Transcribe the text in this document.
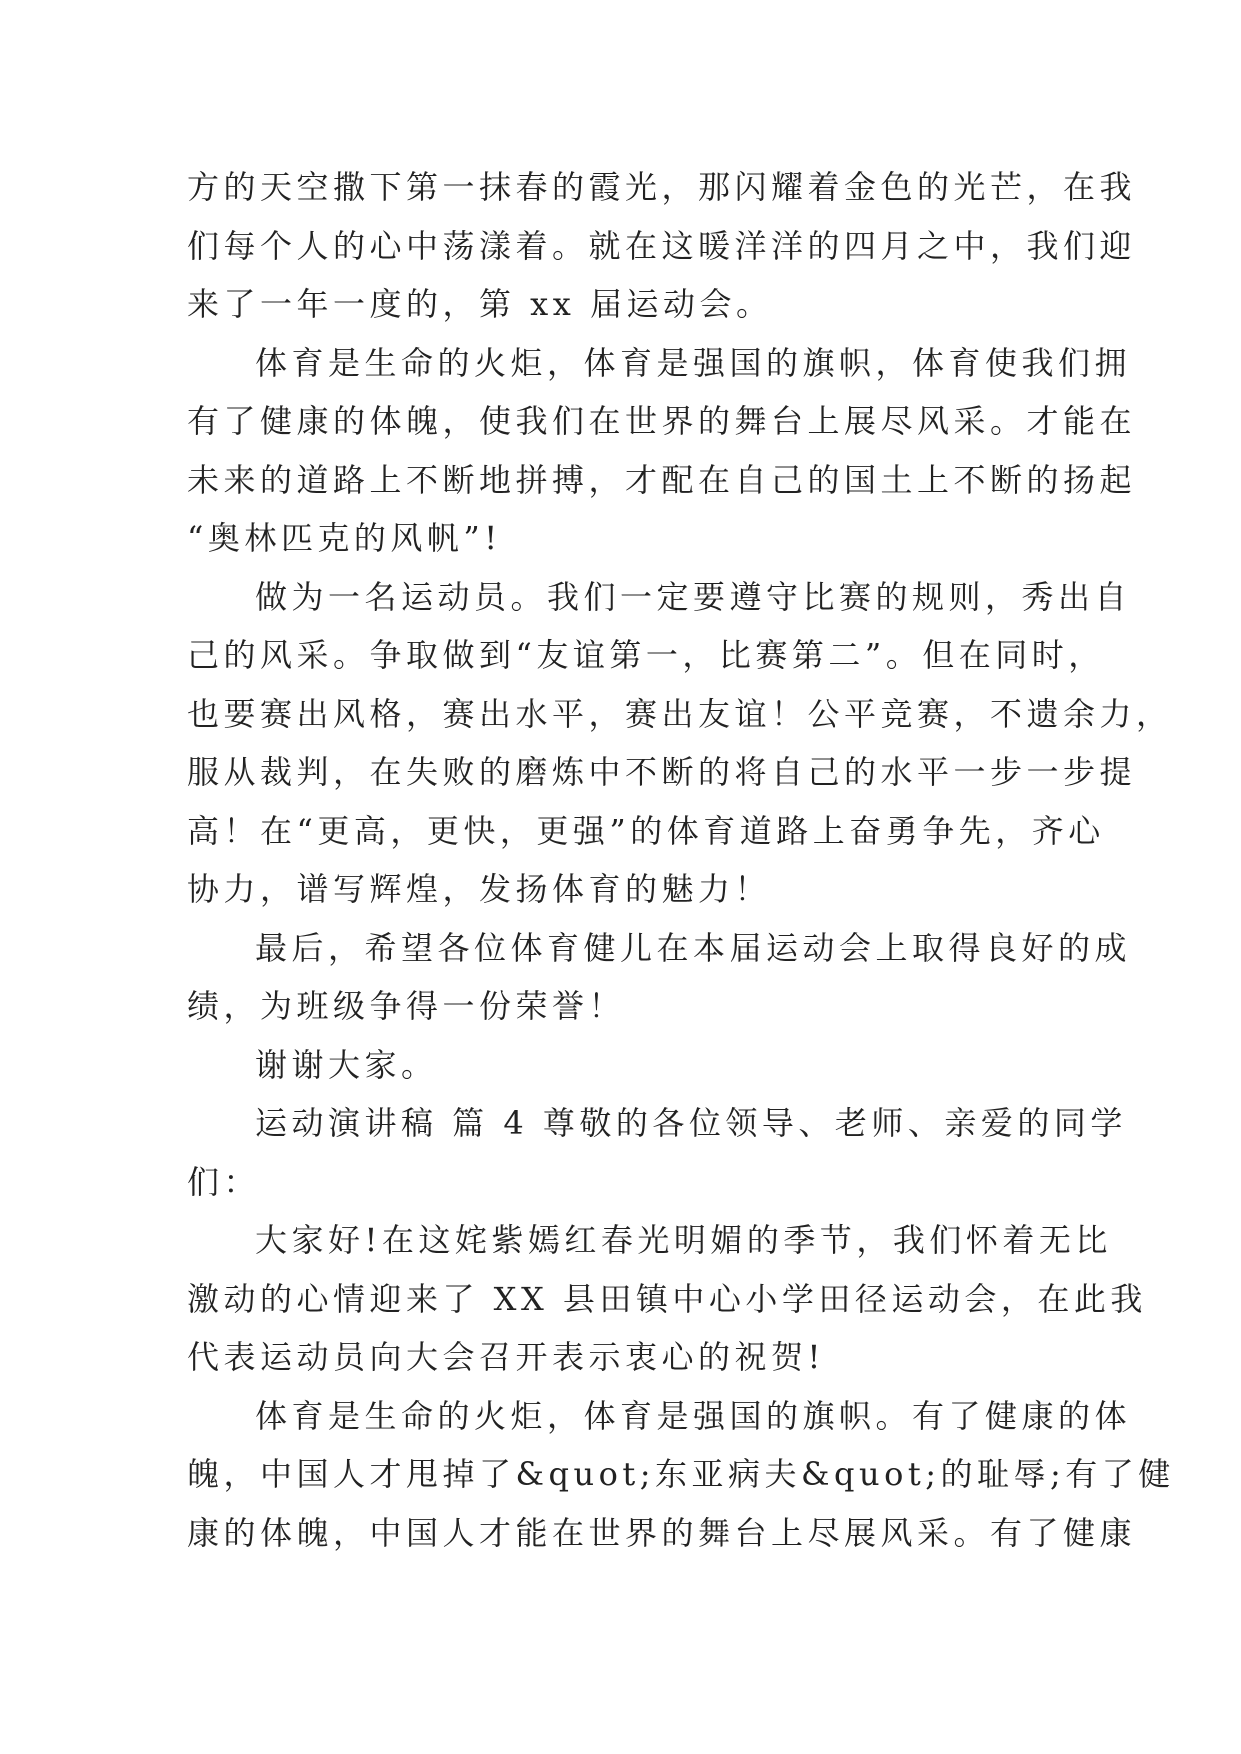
方的天空撒下第一抹春的霞光，那闪耀着金色的光芒，在我
们每个人的心中荡漾着。就在这暖洋洋的四月之中，我们迎
来了一年一度的，第 xx 届运动会。
体育是生命的火炬，体育是强国的旗帜，体育使我们拥
有了健康的体魄，使我们在世界的舞台上展尽风采。才能在
未来的道路上不断地拼搏，才配在自己的国土上不断的扬起
“奥林匹克的风帆”!
做为一名运动员。我们一定要遵守比赛的规则，秀出自
己的风采。争取做到“友谊第一，比赛第二”。但在同时，
也要赛出风格，赛出水平，赛出友谊！公平竞赛，不遗余力，
服从裁判，在失败的磨炼中不断的将自己的水平一步一步提
高！在“更高，更快，更强”的体育道路上奋勇争先，齐心
协力，谱写辉煌，发扬体育的魅力！
最后，希望各位体育健儿在本届运动会上取得良好的成
绩，为班级争得一份荣誉！
谢谢大家。
运动演讲稿 篇 4 尊敬的各位领导、老师、亲爱的同学
们：
大家好!在这姹紫嫣红春光明媚的季节，我们怀着无比
激动的心情迎来了 XX 县田镇中心小学田径运动会，在此我
代表运动员向大会召开表示衷心的祝贺!
体育是生命的火炬，体育是强国的旗帜。有了健康的体
魄，中国人才甩掉了&quot;东亚病夫&quot;的耻辱;有了健
康的体魄，中国人才能在世界的舞台上尽展风采。有了健康
